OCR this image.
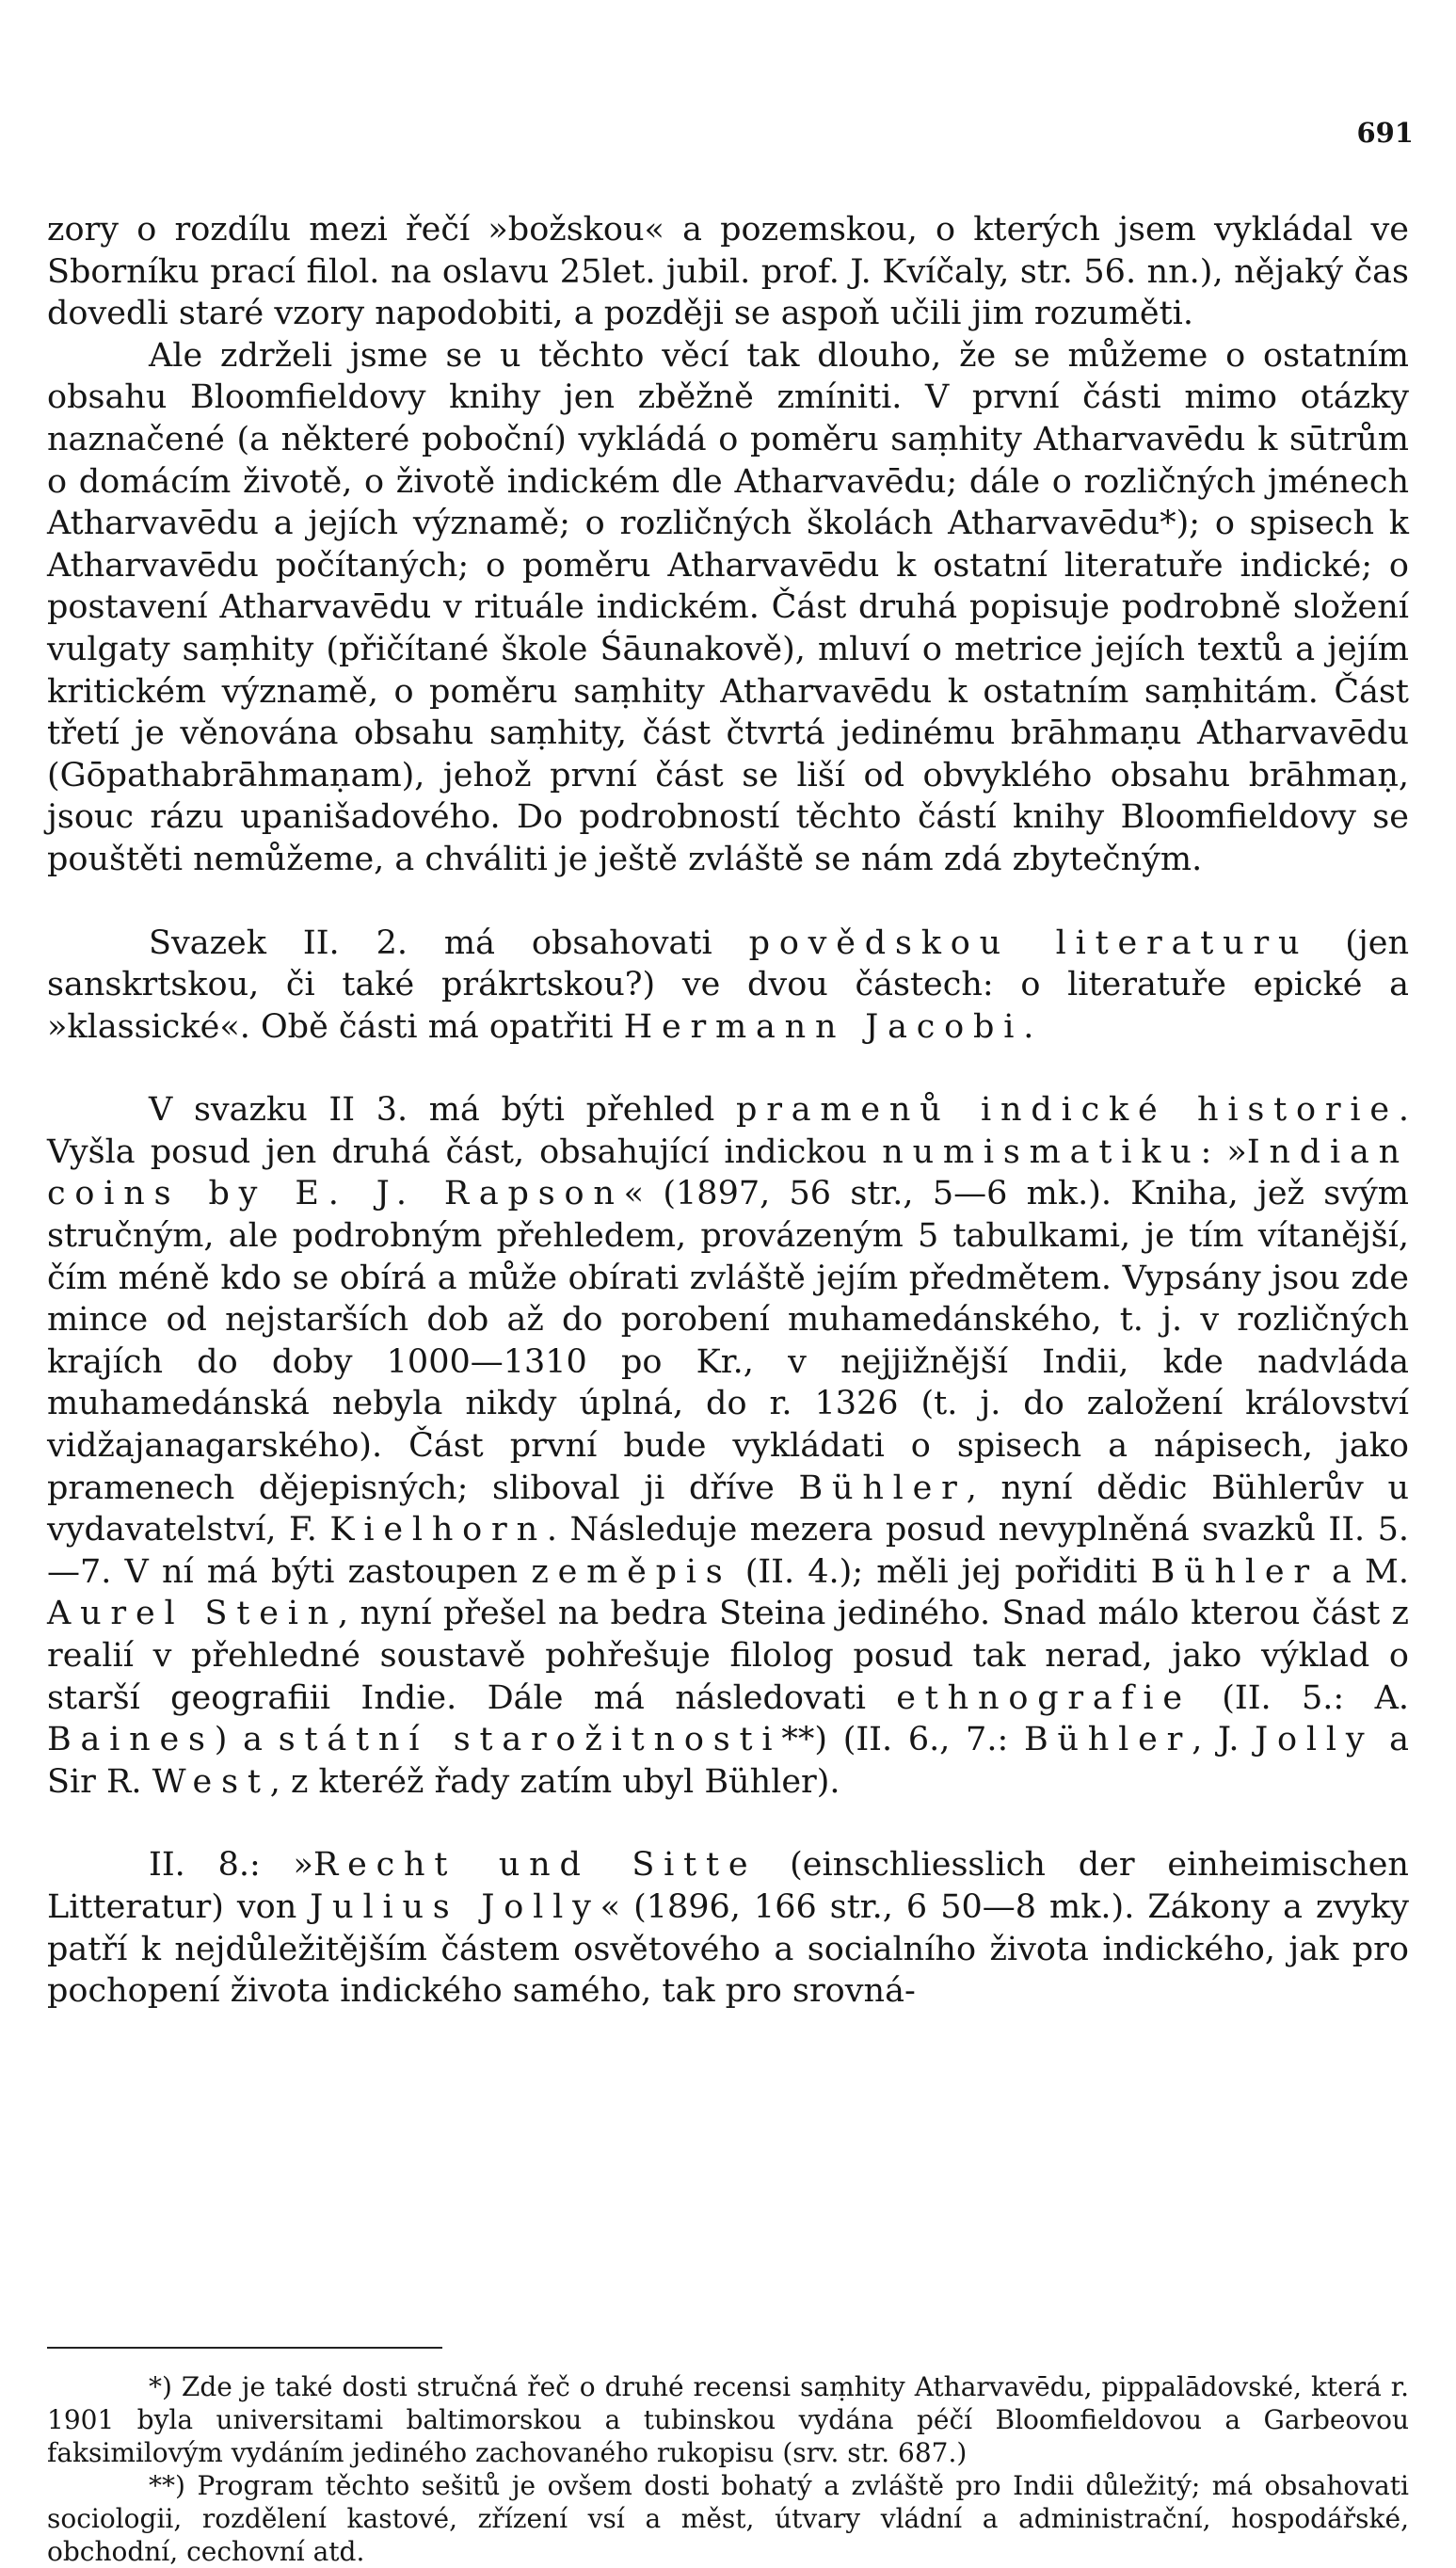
691

zory o rozdílu mezi řečí »božskou« a pozemskou, o kterých jsem vykládal ve Sborníku prací filol. na oslavu 25let. jubil. prof. J. Kvíčaly, str. 56. nn.), nějaký čas dovedli staré vzory napodobiti, a později se aspoň učili jim rozuměti.

Ale zdrželi jsme se u těchto věcí tak dlouho, že se můžeme o ostatním obsahu Bloomfieldovy knihy jen zběžně zmíniti. V první části mimo otázky naznačené (a některé poboční) vykládá o poměru saṃhity Atharvavēdu k sūtrům o domácím životě, o životě indickém dle Atharvavēdu; dále o rozličných jménech Atharvavēdu a jejích významě; o rozličných školách Atharvavēdu*); o spisech k Atharvavēdu počítaných; o poměru Atharvavēdu k ostatní literatuře indické; o postavení Atharvavēdu v rituále indickém. Část druhá popisuje podrobně složení vulgaty saṃhity (přičítané škole Śāunakově), mluví o metrice jejích textů a jejím kritickém významě, o poměru saṃhity Atharvavēdu k ostatním saṃhitám. Část třetí je věnována obsahu saṃhity, část čtvrtá jedinému brāhmaṇu Atharvavēdu (Gōpathabrāhmaṇam), jehož první část se liší od obvyklého obsahu brāhmaṇ, jsouc rázu upanišadového. Do podrobností těchto částí knihy Bloomfieldovy se pouštěti nemůžeme, a chváliti je ještě zvláště se nám zdá zbytečným.

Svazek II. 2. má obsahovati povědskou literaturu (jen sanskrtskou, či také prákrtskou?) ve dvou částech: o literatuře epické a »klassické«. Obě části má opatřiti Hermann Jacobi.

V svazku II 3. má býti přehled pramenů indické historie. Vyšla posud jen druhá část, obsahující indickou numismatiku: »Indian coins by E. J. Rapson« (1897, 56 str., 5—6 mk.). Kniha, jež svým stručným, ale podrobným přehledem, provázeným 5 tabulkami, je tím vítanější, čím méně kdo se obírá a může obírati zvláště jejím předmětem. Vypsány jsou zde mince od nejstarších dob až do porobení muhamedánského, t. j. v rozličných krajích do doby 1000—1310 po Kr., v nejjižnější Indii, kde nadvláda muhamedánská nebyla nikdy úplná, do r. 1326 (t. j. do založení království vidžajanagarského). Část první bude vykládati o spisech a nápisech, jako pramenech dějepisných; sliboval ji dříve Bühler, nyní dědic Bühlerův u vydavatelství, F. Kielhorn. Následuje mezera posud nevyplněná svazků II. 5.—7. V ní má býti zastoupen zeměpis (II. 4.); měli jej pořiditi Bühler a M. Aurel Stein, nyní přešel na bedra Steina jediného. Snad málo kterou část z realií v přehledné soustavě pohřešuje filolog posud tak nerad, jako výklad o starší geografiii Indie. Dále má následovati ethnografie (II. 5.: A. Baines) a státní starožitnosti**) (II. 6., 7.: Bühler, J. Jolly a Sir R. West, z kteréž řady zatím ubyl Bühler).

II. 8.: »Recht und Sitte (einschliesslich der einheimischen Litteratur) von Julius Jolly« (1896, 166 str., 6 50—8 mk.). Zákony a zvyky patří k nejdůležitějším částem osvětového a socialního života indického, jak pro pochopení života indického samého, tak pro srovná-

*) Zde je také dosti stručná řeč o druhé recensi saṃhity Atharvavēdu, pippalādovské, která r. 1901 byla universitami baltimorskou a tubinskou vydána péčí Bloomfieldovou a Garbeovou faksimilovým vydáním jediného zachovaného rukopisu (srv. str. 687.)

**) Program těchto sešitů je ovšem dosti bohatý a zvláště pro Indii důležitý; má obsahovati sociologii, rozdělení kastové, zřízení vsí a měst, útvary vládní a administrační, hospodářské, obchodní, cechovní atd.
